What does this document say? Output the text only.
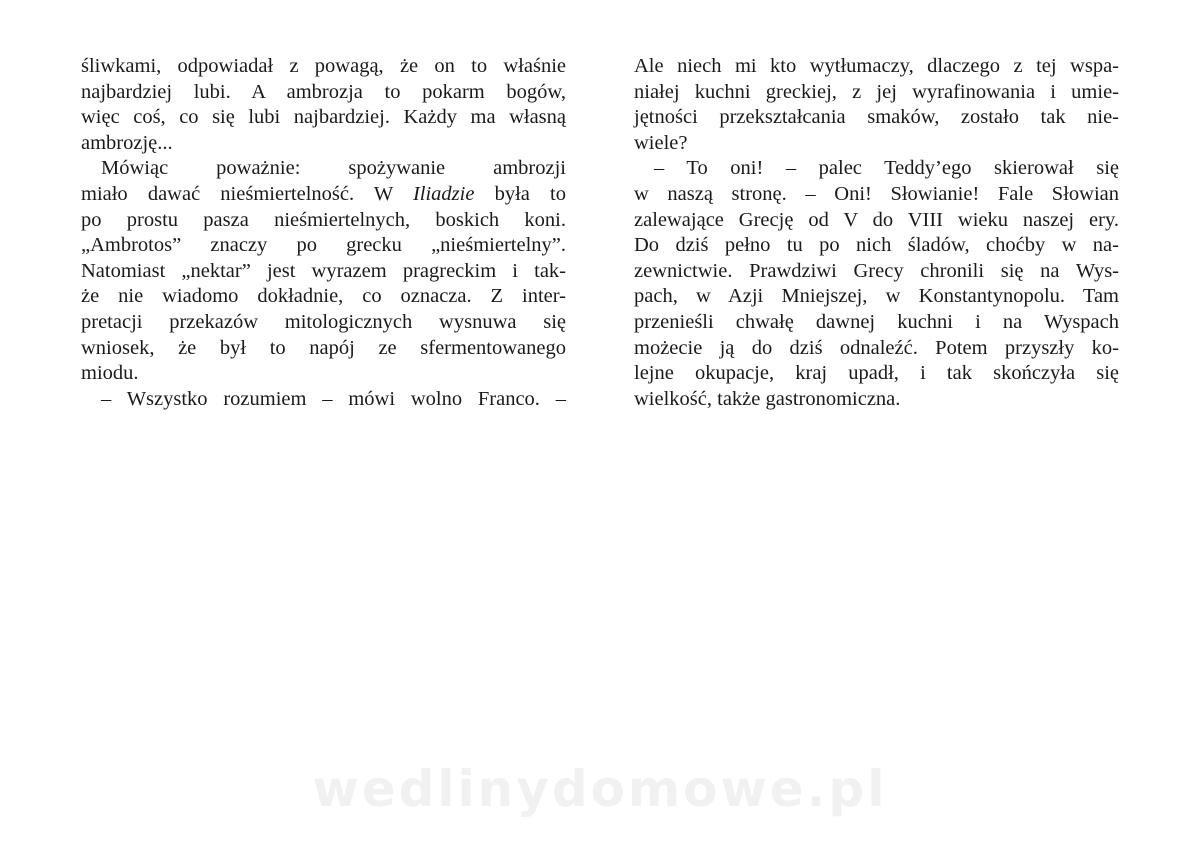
śliwkami, odpowiadał z powagą, że on to właśnie
najbardziej lubi. A ambrozja to pokarm bogów,
więc coś, co się lubi najbardziej. Każdy ma własną
ambrozję...
Mówiąc poważnie: spożywanie ambrozji
miało dawać nieśmiertelność. W Iliadzie była to
po prostu pasza nieśmiertelnych, boskich koni.
„Ambrotos” znaczy po grecku „nieśmiertelny”.
Natomiast „nektar” jest wyrazem pragreckim i tak-
że nie wiadomo dokładnie, co oznacza. Z inter-
pretacji przekazów mitologicznych wysnuwa się
wniosek, że był to napój ze sfermentowanego
miodu.
– Wszystko rozumiem – mówi wolno Franco. –
Ale niech mi kto wytłumaczy, dlaczego z tej wspa-
niałej kuchni greckiej, z jej wyrafinowania i umie-
jętności przekształcania smaków, zostało tak nie-
wiele?
– To oni! – palec Teddy’ego skierował się
w naszą stronę. – Oni! Słowianie! Fale Słowian
zalewające Grecję od V do VIII wieku naszej ery.
Do dziś pełno tu po nich śladów, choćby w na-
zewnictwie. Prawdziwi Grecy chronili się na Wys-
pach, w Azji Mniejszej, w Konstantynopolu. Tam
przenieśli chwałę dawnej kuchni i na Wyspach
możecie ją do dziś odnaleźć. Potem przyszły ko-
lejne okupacje, kraj upadł, i tak skończyła się
wielkość, także gastronomiczna.
wedlinydomowe.pl
